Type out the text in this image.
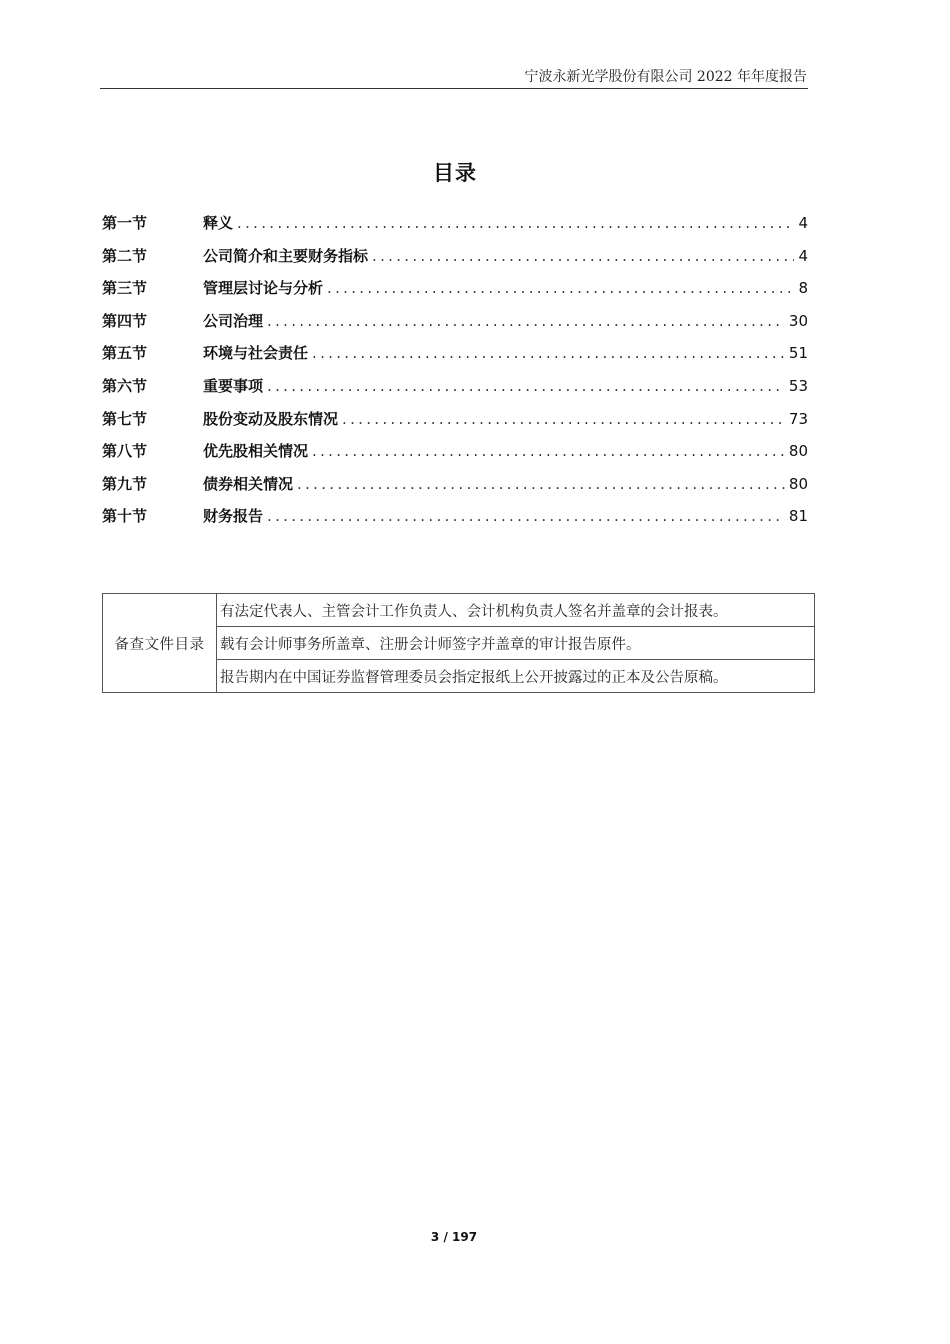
宁波永新光学股份有限公司 2022 年年度报告
目录
第一节	释义 .....	4
第二节	公司简介和主要财务指标 .....	4
第三节	管理层讨论与分析 .....	8
第四节	公司治理 .....	30
第五节	环境与社会责任 .....	51
第六节	重要事项 .....	53
第七节	股份变动及股东情况 .....	73
第八节	优先股相关情况 .....	80
第九节	债券相关情况 .....	80
第十节	财务报告 .....	81
备查文件目录	有法定代表人、主管会计工作负责人、会计机构负责人签名并盖章的会计报表。
载有会计师事务所盖章、注册会计师签字并盖章的审计报告原件。
报告期内在中国证券监督管理委员会指定报纸上公开披露过的正本及公告原稿。
3 / 197
